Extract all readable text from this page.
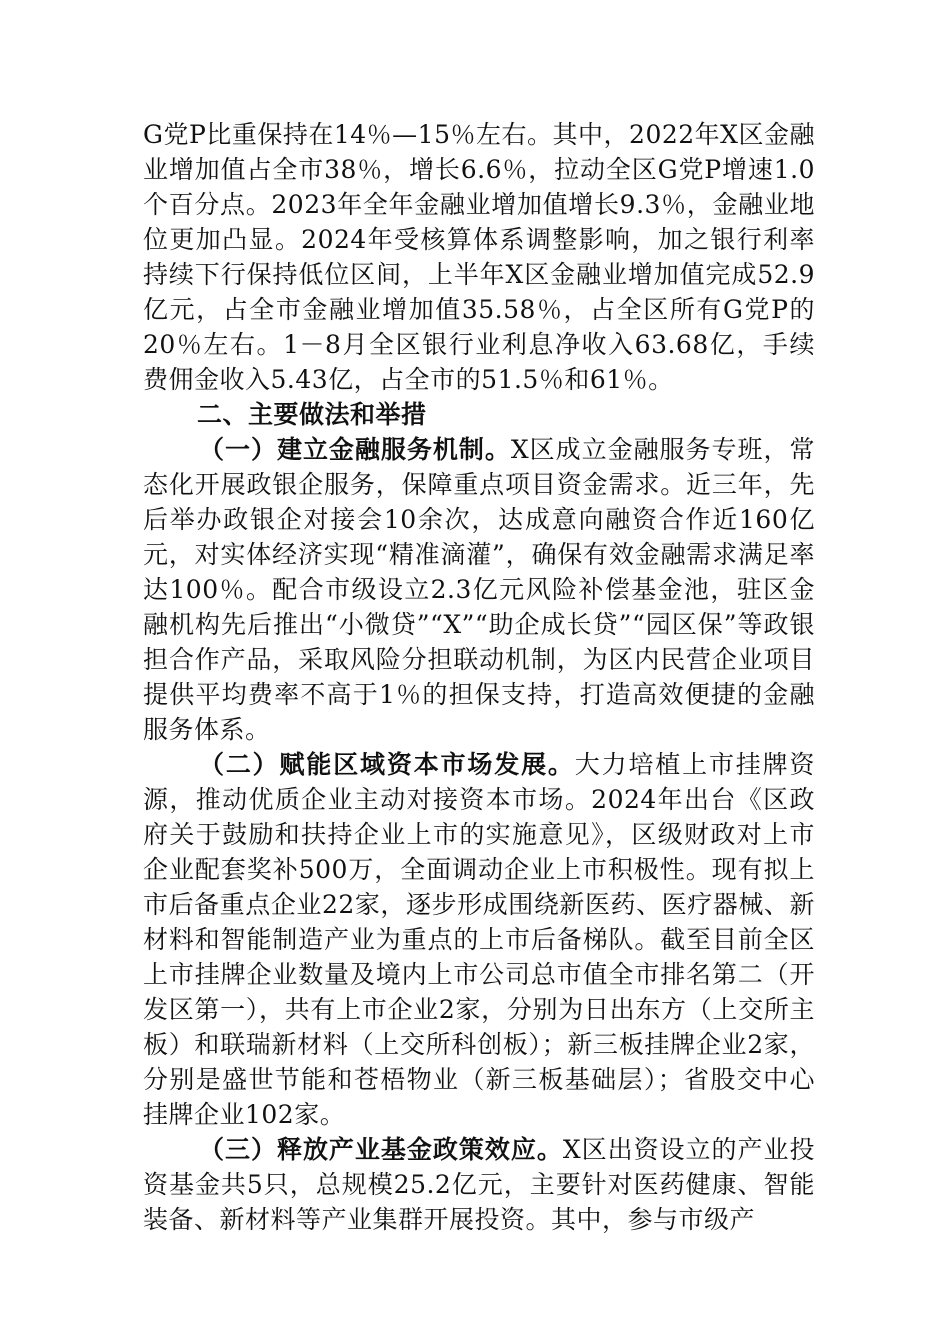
G党P比重保持在14％—15％左右。其中，2022年X区金融业增加值占全市38％，增长6.6％，拉动全区G党P增速1.0个百分点。2023年全年金融业增加值增长9.3％，金融业地位更加凸显。2024年受核算体系调整影响，加之银行利率持续下行保持低位区间，上半年X区金融业增加值完成52.9亿元，占全市金融业增加值35.58％，占全区所有G党P的20％左右。1－8月全区银行业利息净收入63.68亿，手续费佣金收入5.43亿，占全市的51.5％和61％。

二、主要做法和举措

（一）建立金融服务机制。X区成立金融服务专班，常态化开展政银企服务，保障重点项目资金需求。近三年，先后举办政银企对接会10余次，达成意向融资合作近160亿元，对实体经济实现“精准滴灌”，确保有效金融需求满足率达100％。配合市级设立2.3亿元风险补偿基金池，驻区金融机构先后推出“小微贷”“X”“助企成长贷”“园区保”等政银担合作产品，采取风险分担联动机制，为区内民营企业项目提供平均费率不高于1％的担保支持，打造高效便捷的金融服务体系。

（二）赋能区域资本市场发展。大力培植上市挂牌资源，推动优质企业主动对接资本市场。2024年出台《区政府关于鼓励和扶持企业上市的实施意见》，区级财政对上市企业配套奖补500万，全面调动企业上市积极性。现有拟上市后备重点企业22家，逐步形成围绕新医药、医疗器械、新材料和智能制造产业为重点的上市后备梯队。截至目前全区上市挂牌企业数量及境内上市公司总市值全市排名第二（开发区第一），共有上市企业2家，分别为日出东方（上交所主板）和联瑞新材料（上交所科创板）；新三板挂牌企业2家，分别是盛世节能和苍梧物业（新三板基础层）；省股交中心挂牌企业102家。

（三）释放产业基金政策效应。X区出资设立的产业投资基金共5只，总规模25.2亿元，主要针对医药健康、智能装备、新材料等产业集群开展投资。其中，参与市级产
